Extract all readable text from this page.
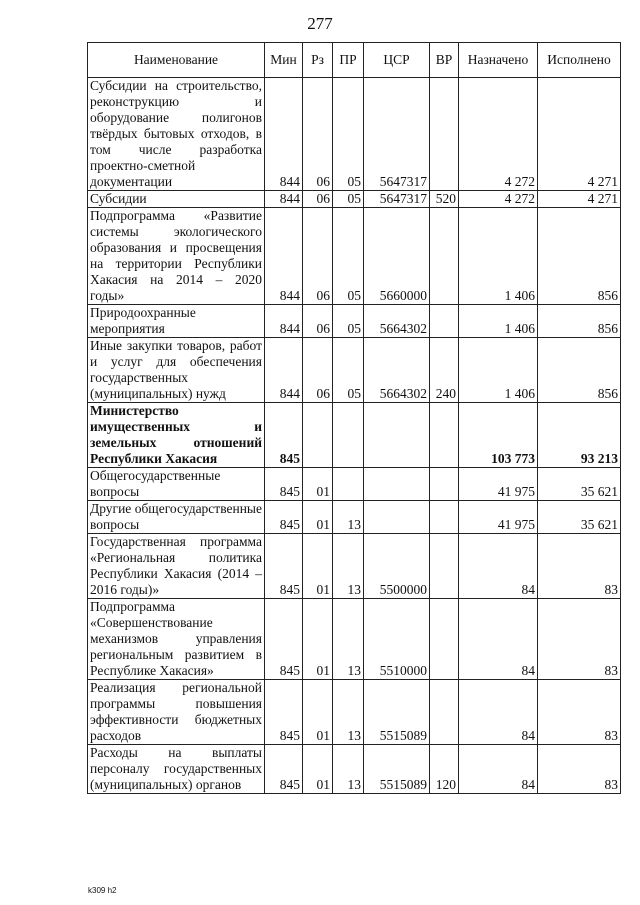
277
Наименование	Мин	Рз	ПР	ЦСР	ВР	Назначено	Исполнено
Субсидии на строительство, реконструкцию и оборудование полигонов твёрдых бытовых отходов, в том числе разработка проектно-сметной документации	844	06	05	5647317		4 272	4 271
Субсидии	844	06	05	5647317	520	4 272	4 271
Подпрограмма «Развитие системы экологического образования и просвещения на территории Республики Хакасия на 2014 – 2020 годы»	844	06	05	5660000		1 406	856
Природоохранные мероприятия	844	06	05	5664302		1 406	856
Иные закупки товаров, работ и услуг для обеспечения государственных (муниципальных) нужд	844	06	05	5664302	240	1 406	856
Министерство имущественных и земельных отношений Республики Хакасия	845					103 773	93 213
Общегосударственные вопросы	845	01				41 975	35 621
Другие общегосударственные вопросы	845	01	13			41 975	35 621
Государственная программа «Региональная политика Республики Хакасия (2014 – 2016 годы)»	845	01	13	5500000		84	83
Подпрограмма «Совершенствование механизмов управления региональным развитием в Республике Хакасия»	845	01	13	5510000		84	83
Реализация региональной программы повышения эффективности бюджетных расходов	845	01	13	5515089		84	83
Расходы на выплаты персоналу государственных (муниципальных) органов	845	01	13	5515089	120	84	83
k309 h2
